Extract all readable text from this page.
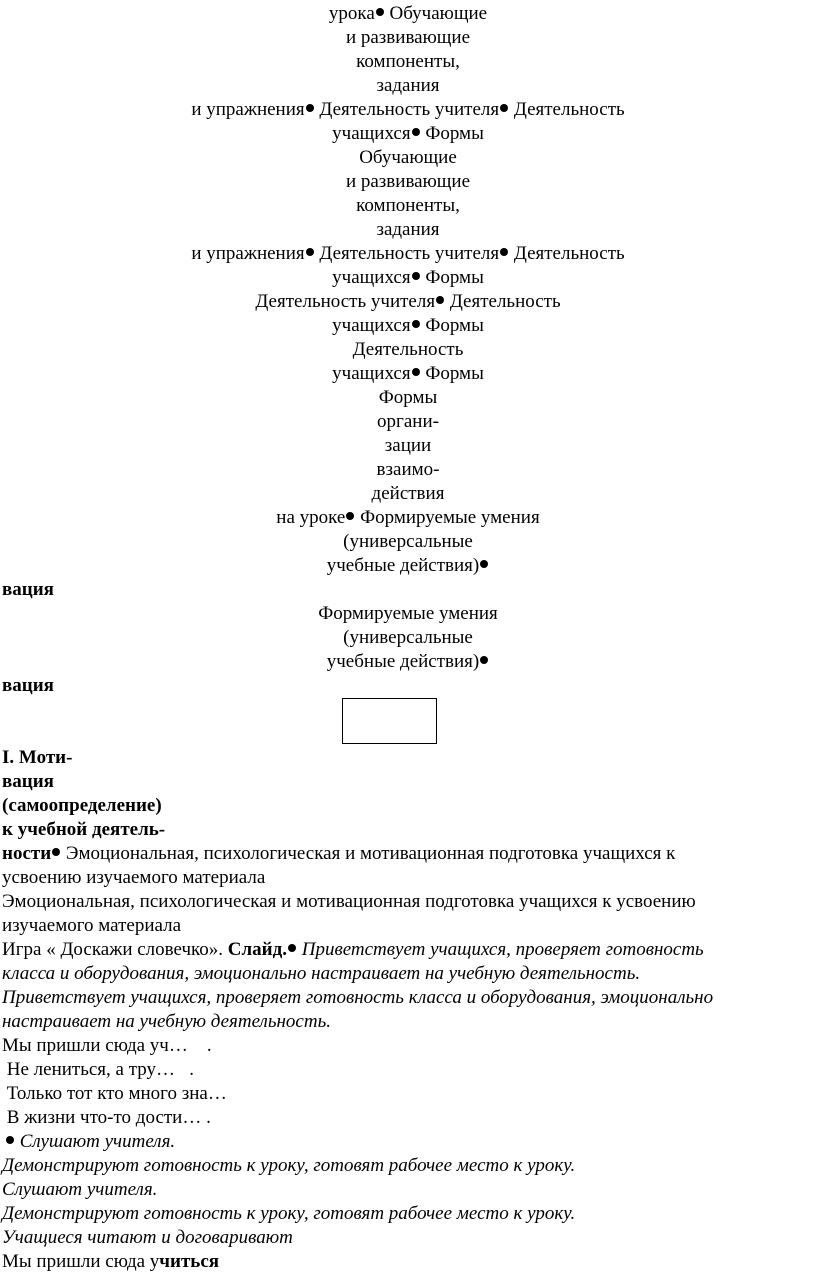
урока Обучающие
и развивающие
компоненты,
задания
и упражнения Деятельность учителя Деятельность
учащихся Формы
Обучающие
и развивающие
компоненты,
задания
и упражнения Деятельность учителя Деятельность
учащихся Формы
Деятельность учителя Деятельность
учащихся Формы
Деятельность
учащихся Формы
Формы
органи-
зации
взаимо-
действия
на уроке Формируемые умения
(универсальные
учебные действия)
вация
Формируемые умения
(универсальные
учебные действия)
вация
I. Моти-
вация
(самоопределение)
к учебной деятель-
ности Эмоциональная, психологическая и мотивационная подготовка учащихся к
усвоению изучаемого материала
Эмоциональная, психологическая и мотивационная подготовка учащихся к усвоению
изучаемого материала
Игра « Доскажи словечко». Слайд. Приветствует учащихся, проверяет готовность
класса и оборудования, эмоционально настраивает на учебную деятельность.
Приветствует учащихся, проверяет готовность класса и оборудования, эмоционально
настраивает на учебную деятельность.
Мы пришли сюда уч…    .
Не лениться, а тру…   .
Только тот кто много зна…
В жизни что-то дости… .
Слушают учителя.
Демонстрируют готовность к уроку, готовят рабочее место к уроку.
Слушают учителя.
Демонстрируют готовность к уроку, готовят рабочее место к уроку.
Учащиеся читают и договаривают
Мы пришли сюда учиться
